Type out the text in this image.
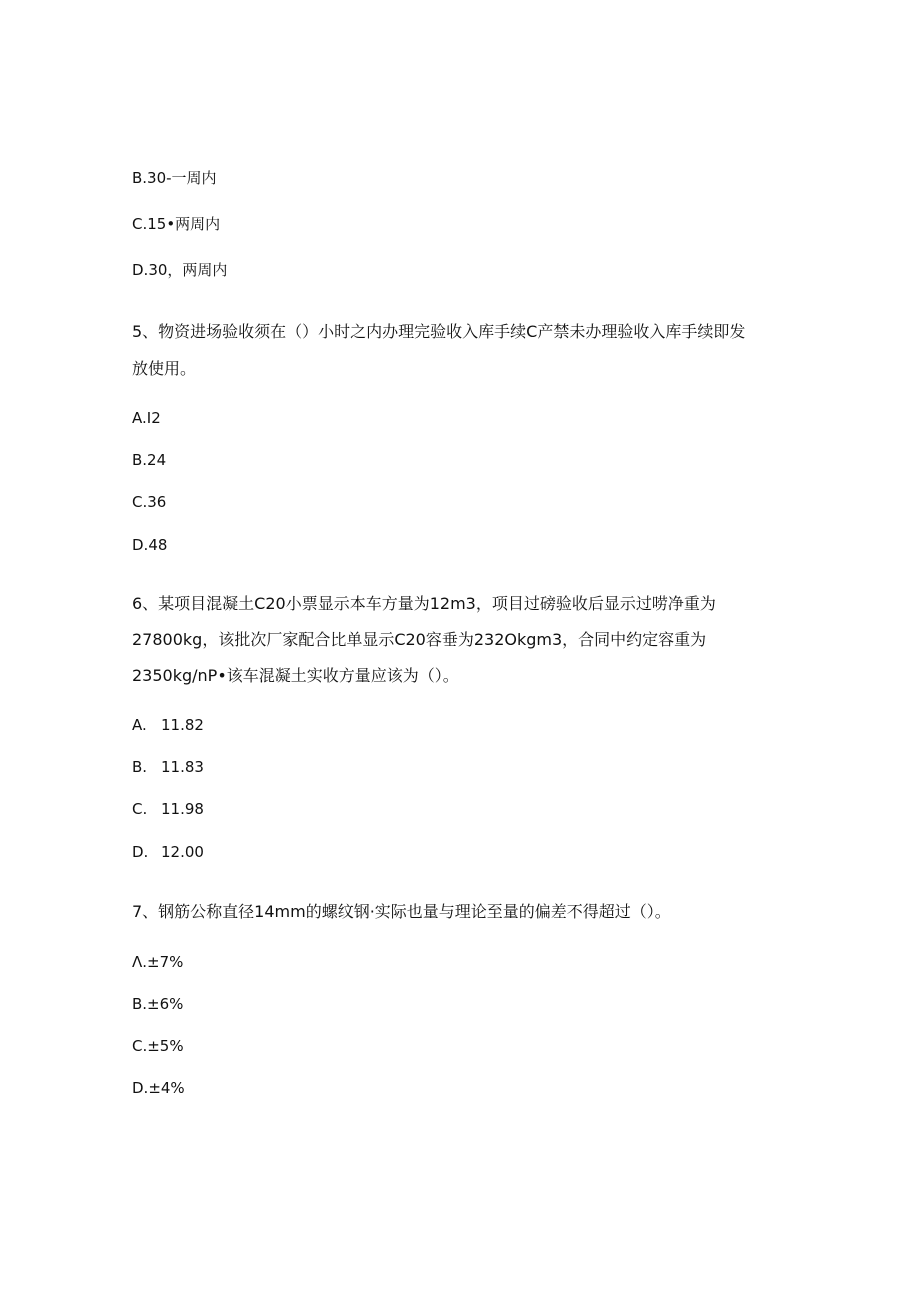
B.30-一周内
C.15•两周内
D.30，两周内
5、物资进场验收须在（）小时之内办理完验收入库手续C产禁未办理验收入库手续即发
放使用。
A.I2
B.24
C.36
D.48
6、某项目混凝土C20小票显示本车方量为12m3，项目过磅验收后显示过唠净重为
27800kg，该批次厂家配合比单显示C20容垂为232Okgm3，合同中约定容重为
2350kg/nP•该车混凝土实收方量应该为（）。
A. 11.82
B. 11.83
C. 11.98
D. 12.00
7、钢筋公称直径14mm的螺纹钢·实际也量与理论至量的偏差不得超过（）。
Λ.±7%
B.±6%
C.±5%
D.±4%
